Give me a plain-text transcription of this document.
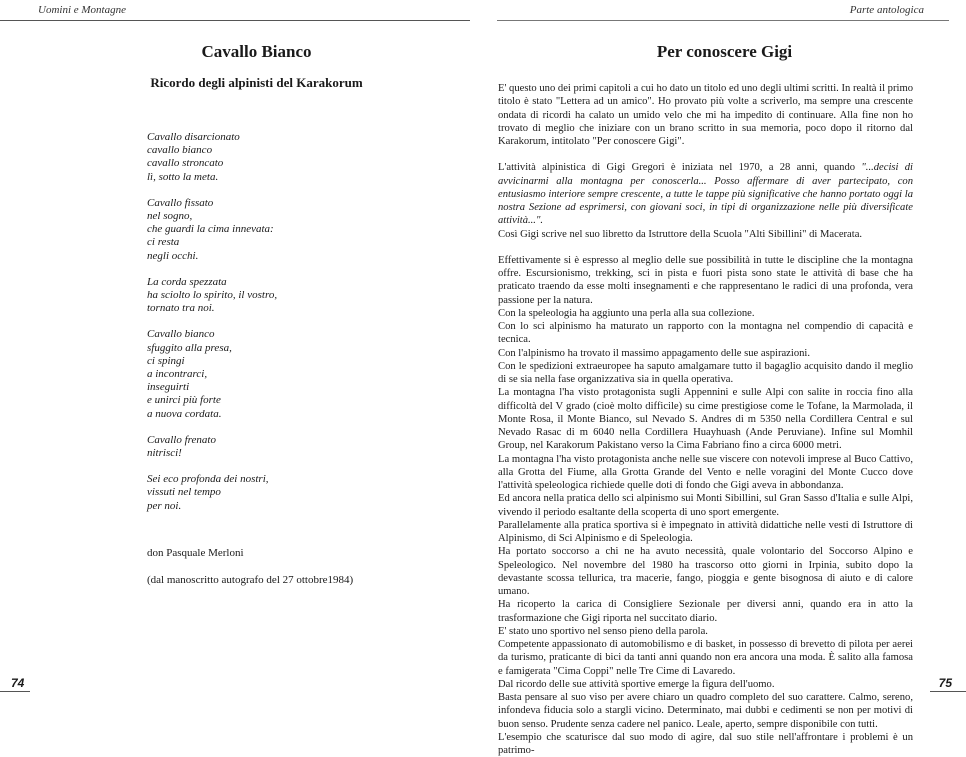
Uomini e Montagne
Cavallo Bianco
Ricordo degli alpinisti del Karakorum
Cavallo disarcionato
cavallo bianco
cavallo stroncato
lì, sotto la meta.
Cavallo fissato
nel sogno,
che guardi la cima innevata:
ci resta
negli occhi.
La corda spezzata
ha sciolto lo spirito, il vostro,
tornato tra noi.
Cavallo bianco
sfuggito alla presa,
ci spingi
a incontrarci,
inseguirti
e unirci più forte
a nuova cordata.
Cavallo frenato
nitrisci!
Sei eco profonda dei nostri,
vissuti nel tempo
per noi.
don Pasquale Merloni
(dal manoscritto autografo del 27 ottobre1984)
74
Parte antologica
Per conoscere Gigi

E' questo uno dei primi capitoli a cui ho dato un titolo ed uno degli ultimi scritti. In realtà il primo titolo è stato "Lettera ad un amico". Ho provato più volte a scriverlo, ma sempre una crescente ondata di ricordi ha calato un umido velo che mi ha impedito di continuare. Alla fine non ho trovato di meglio che iniziare con un brano scritto in sua memoria, poco dopo il ritorno dal Karakorum, intitolato "Per conoscere Gigi".

L'attività alpinistica di Gigi Gregori è iniziata nel 1970, a 28 anni, quando "...decisi di avvicinarmi alla montagna per conoscerla... Posso affermare di aver partecipato, con entusiasmo interiore sempre crescente, a tutte le tappe più significative che hanno portato oggi la nostra Sezione ad esprimersi, con giovani soci, in tipi di organizzazione nelle più diversificate attività...".
Così Gigi scrive nel suo libretto da Istruttore della Scuola "Alti Sibillini" di Macerata.

Effettivamente si è espresso al meglio delle sue possibilità in tutte le discipline che la montagna offre. Escursionismo, trekking, sci in pista e fuori pista sono state le attività di base che ha praticato traendo da esse molti insegnamenti e che rappresentano le radici di una profonda, vera passione per la natura.
Con la speleologia ha aggiunto una perla alla sua collezione.
Con lo sci alpinismo ha maturato un rapporto con la montagna nel compendio di capacità e tecnica.
Con l'alpinismo ha trovato il massimo appagamento delle sue aspirazioni.
Con le spedizioni extraeuropee ha saputo amalgamare tutto il bagaglio acquisito dando il meglio di se sia nella fase organizzativa sia in quella operativa.
La montagna l'ha visto protagonista sugli Appennini e sulle Alpi con salite in roccia fino alla difficoltà del V grado (cioè molto difficile) su cime prestigiose come le Tofane, la Marmolada, il Monte Rosa, il Monte Bianco, sul Nevado S. Andres di m 5350 nella Cordillera Central e sul Nevado Rasac di m 6040 nella Cordillera Huayhuash (Ande Peruviane). Infine sul Momhil Group, nel Karakorum Pakistano verso la Cima Fabriano fino a circa 6000 metri.
La montagna l'ha visto protagonista anche nelle sue viscere con notevoli imprese al Buco Cattivo, alla Grotta del Fiume, alla Grotta Grande del Vento e nelle voragini del Monte Cucco dove l'attività speleologica richiede quelle doti di fondo che Gigi aveva in abbondanza.
Ed ancora nella pratica dello sci alpinismo sui Monti Sibillini, sul Gran Sasso d'Italia e sulle Alpi, vivendo il periodo esaltante della scoperta di uno sport emergente.
Parallelamente alla pratica sportiva si è impegnato in attività didattiche nelle vesti di Istruttore di Alpinismo, di Sci Alpinismo e di Speleologia.
Ha portato soccorso a chi ne ha avuto necessità, quale volontario del Soccorso Alpino e Speleologico. Nel novembre del 1980 ha trascorso otto giorni in Irpinia, subito dopo la devastante scossa tellurica, tra macerie, fango, pioggia e gente bisognosa di aiuto e di calore umano.
Ha ricoperto la carica di Consigliere Sezionale per diversi anni, quando era in atto la trasformazione che Gigi riporta nel succitato diario.
E' stato uno sportivo nel senso pieno della parola.
Competente appassionato di automobilismo e di basket, in possesso di brevetto di pilota per aerei da turismo, praticante di bici da tanti anni quando non era ancora una moda. È salito alla famosa e famigerata "Cima Coppi" nelle Tre Cime di Lavaredo.
Dal ricordo delle sue attività sportive emerge la figura dell'uomo.
Basta pensare al suo viso per avere chiaro un quadro completo del suo carattere. Calmo, sereno, infondeva fiducia solo a stargli vicino. Determinato, mai dubbi e cedimenti se non per motivi di buon senso. Prudente senza cadere nel panico. Leale, aperto, sempre disponibile con tutti.
L'esempio che scaturisce dal suo modo di agire, dal suo stile nell'affrontare i problemi è un patrimo-
75
